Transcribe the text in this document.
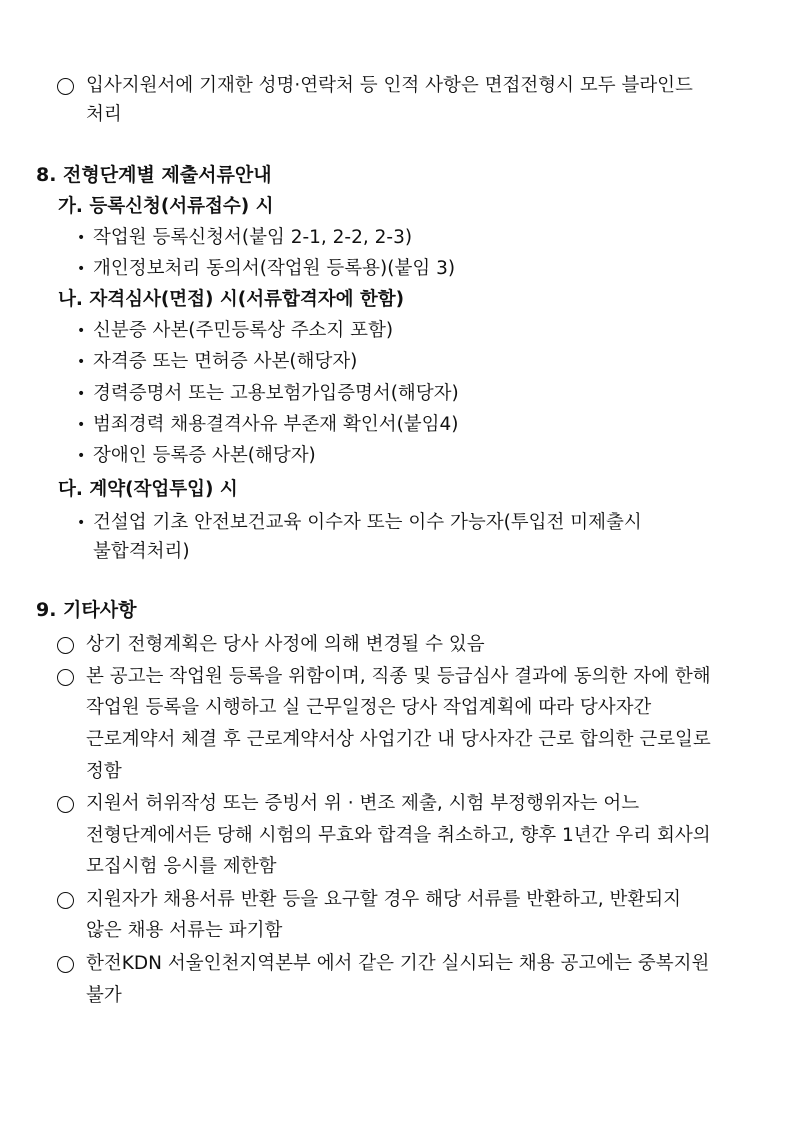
입사지원서에 기재한 성명·연락처 등 인적 사항은 면접전형시 모두 블라인드
처리
8. 전형단계별 제출서류안내
가. 등록신청(서류접수) 시
• 작업원 등록신청서(붙임 2-1, 2-2, 2-3)
• 개인정보처리 동의서(작업원 등록용)(붙임 3)
나. 자격심사(면접) 시(서류합격자에 한함)
• 신분증 사본(주민등록상 주소지 포함)
• 자격증 또는 면허증 사본(해당자)
• 경력증명서 또는 고용보험가입증명서(해당자)
• 범죄경력 채용결격사유 부존재 확인서(붙임4)
• 장애인 등록증 사본(해당자)
다. 계약(작업투입) 시
• 건설업 기초 안전보건교육 이수자 또는 이수 가능자(투입전 미제출시
불합격처리)
9. 기타사항
상기 전형계획은 당사 사정에 의해 변경될 수 있음
본 공고는 작업원 등록을 위함이며, 직종 및 등급심사 결과에 동의한 자에 한해
작업원 등록을 시행하고 실 근무일정은 당사 작업계획에 따라 당사자간
근로계약서 체결 후 근로계약서상 사업기간 내 당사자간 근로 합의한 근로일로
정함
지원서 허위작성 또는 증빙서 위 · 변조 제출, 시험 부정행위자는 어느
전형단계에서든 당해 시험의 무효와 합격을 취소하고, 향후 1년간 우리 회사의
모집시험 응시를 제한함
지원자가 채용서류 반환 등을 요구할 경우 해당 서류를 반환하고, 반환되지
않은 채용 서류는 파기함
한전KDN 서울인천지역본부 에서 같은 기간 실시되는 채용 공고에는 중복지원
불가
